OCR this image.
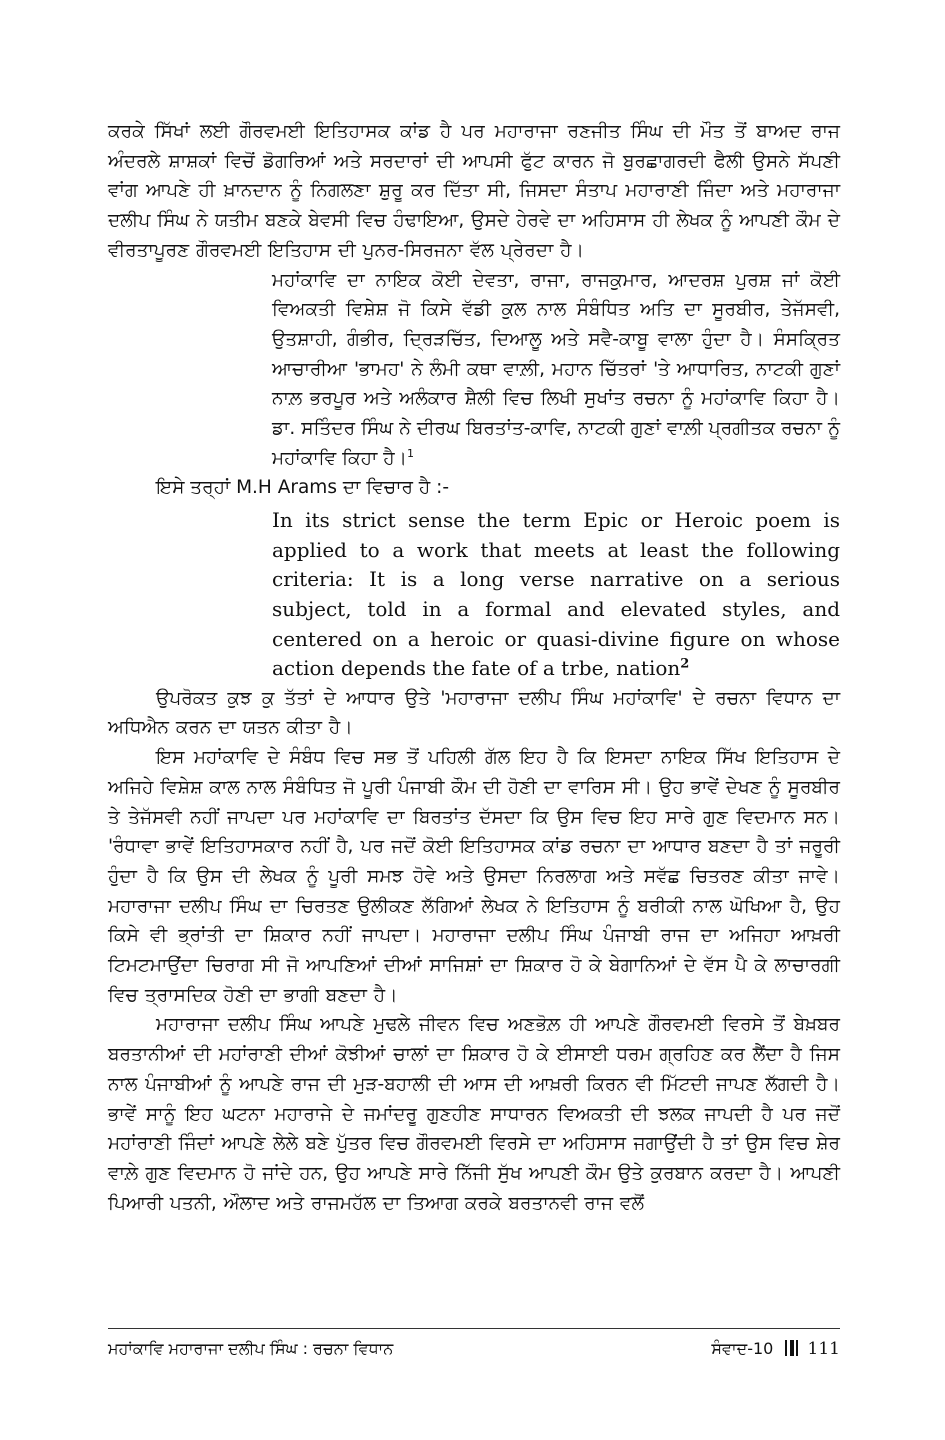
ਕਰਕੇ ਸਿੱਖਾਂ ਲਈ ਗੌਰਵਮਈ ਇਤਿਹਾਸਕ ਕਾਂਡ ਹੈ ਪਰ ਮਹਾਰਾਜਾ ਰਣਜੀਤ ਸਿੰਘ ਦੀ ਮੌਤ ਤੋਂ ਬਾਅਦ ਰਾਜ ਅੰਦਰਲੇ ਸ਼ਾਸ਼ਕਾਂ ਵਿਚੋਂ ਡੋਗਰਿਆਂ ਅਤੇ ਸਰਦਾਰਾਂ ਦੀ ਆਪਸੀ ਫੁੱਟ ਕਾਰਨ ਜੋ ਬੁਰਛਾਗਰਦੀ ਫੈਲੀ ਉਸਨੇ ਸੱਪਣੀ ਵਾਂਗ ਆਪਣੇ ਹੀ ਖ਼ਾਨਦਾਨ ਨੂੰ ਨਿਗਲਣਾ ਸ਼ੁਰੂ ਕਰ ਦਿੱਤਾ ਸੀ, ਜਿਸਦਾ ਸੰਤਾਪ ਮਹਾਰਾਣੀ ਜਿੰਦਾ ਅਤੇ ਮਹਾਰਾਜਾ ਦਲੀਪ ਸਿੰਘ ਨੇ ਯਤੀਮ ਬਣਕੇ ਬੇਵਸੀ ਵਿਚ ਹੰਢਾਇਆ, ਉਸਦੇ ਹੇਰਵੇ ਦਾ ਅਹਿਸਾਸ ਹੀ ਲੇਖਕ ਨੂੰ ਆਪਣੀ ਕੌਮ ਦੇ ਵੀਰਤਾਪੂਰਣ ਗੌਰਵਮਈ ਇਤਿਹਾਸ ਦੀ ਪੁਨਰ-ਸਿਰਜਨਾ ਵੱਲ ਪ੍ਰੇਰਦਾ ਹੈ।

ਮਹਾਂਕਾਵਿ ਦਾ ਨਾਇਕ ਕੋਈ ਦੇਵਤਾ, ਰਾਜਾ, ਰਾਜਕੁਮਾਰ, ਆਦਰਸ਼ ਪੁਰਸ਼ ਜਾਂ ਕੋਈ ਵਿਅਕਤੀ ਵਿਸ਼ੇਸ਼ ਜੋ ਕਿਸੇ ਵੱਡੀ ਕੁਲ ਨਾਲ ਸੰਬੰਧਿਤ ਅਤਿ ਦਾ ਸੂਰਬੀਰ, ਤੇਜੱਸਵੀ, ਉਤਸ਼ਾਹੀ, ਗੰਭੀਰ, ਦ੍ਰਿੜਚਿੱਤ, ਦਿਆਲੂ ਅਤੇ ਸਵੈ-ਕਾਬੂ ਵਾਲਾ ਹੁੰਦਾ ਹੈ। ਸੰਸਕ੍ਰਿਤ ਆਚਾਰੀਆ 'ਭਾਮਹ' ਨੇ ਲੰਮੀ ਕਥਾ ਵਾਲ਼ੀ, ਮਹਾਨ ਚਿੱਤਰਾਂ 'ਤੇ ਆਧਾਰਿਤ, ਨਾਟਕੀ ਗੁਣਾਂ ਨਾਲ਼ ਭਰਪੂਰ ਅਤੇ ਅਲੰਕਾਰ ਸ਼ੈਲੀ ਵਿਚ ਲਿਖੀ ਸੁਖਾਂਤ ਰਚਨਾ ਨੂੰ ਮਹਾਂਕਾਵਿ ਕਿਹਾ ਹੈ। ਡਾ. ਸਤਿੰਦਰ ਸਿੰਘ ਨੇ ਦੀਰਘ ਬਿਰਤਾਂਤ-ਕਾਵਿ, ਨਾਟਕੀ ਗੁਣਾਂ ਵਾਲ਼ੀ ਪ੍ਰਗੀਤਕ ਰਚਨਾ ਨੂੰ ਮਹਾਂਕਾਵਿ ਕਿਹਾ ਹੈ।$^1$

ਇਸੇ ਤਰ੍ਹਾਂ M.H Arams ਦਾ ਵਿਚਾਰ ਹੈ :-

In its strict sense the term Epic or Heroic poem is applied to a work that meets at least the following criteria: It is a long verse narrative on a serious subject, told in a formal and elevated styles, and centered on a heroic or quasi-divine figure on whose action depends the fate of a trbe, nation$^2$

ਉਪਰੋਕਤ ਕੁਝ ਕੁ ਤੱਤਾਂ ਦੇ ਆਧਾਰ ਉਤੇ 'ਮਹਾਰਾਜਾ ਦਲੀਪ ਸਿੰਘ ਮਹਾਂਕਾਵਿ' ਦੇ ਰਚਨਾ ਵਿਧਾਨ ਦਾ ਅਧਿਐਨ ਕਰਨ ਦਾ ਯਤਨ ਕੀਤਾ ਹੈ।

ਇਸ ਮਹਾਂਕਾਵਿ ਦੇ ਸੰਬੰਧ ਵਿਚ ਸਭ ਤੋਂ ਪਹਿਲੀ ਗੱਲ ਇਹ ਹੈ ਕਿ ਇਸਦਾ ਨਾਇਕ ਸਿੱਖ ਇਤਿਹਾਸ ਦੇ ਅਜਿਹੇ ਵਿਸ਼ੇਸ਼ ਕਾਲ ਨਾਲ ਸੰਬੰਧਿਤ ਜੋ ਪੂਰੀ ਪੰਜਾਬੀ ਕੌਮ ਦੀ ਹੋਣੀ ਦਾ ਵਾਰਿਸ ਸੀ। ਉਹ ਭਾਵੇਂ ਦੇਖਣ ਨੂੰ ਸੂਰਬੀਰ ਤੇ ਤੇਜੱਸਵੀ ਨਹੀਂ ਜਾਪਦਾ ਪਰ ਮਹਾਂਕਾਵਿ ਦਾ ਬਿਰਤਾਂਤ ਦੱਸਦਾ ਕਿ ਉਸ ਵਿਚ ਇਹ ਸਾਰੇ ਗੁਣ ਵਿਦਮਾਨ ਸਨ। 'ਰੰਧਾਵਾ ਭਾਵੇਂ ਇਤਿਹਾਸਕਾਰ ਨਹੀਂ ਹੈ, ਪਰ ਜਦੋਂ ਕੋਈ ਇਤਿਹਾਸਕ ਕਾਂਡ ਰਚਨਾ ਦਾ ਆਧਾਰ ਬਣਦਾ ਹੈ ਤਾਂ ਜਰੂਰੀ ਹੁੰਦਾ ਹੈ ਕਿ ਉਸ ਦੀ ਲੇਖਕ ਨੂੰ ਪੂਰੀ ਸਮਝ ਹੋਵੇ ਅਤੇ ਉਸਦਾ ਨਿਰਲਾਗ ਅਤੇ ਸਵੱਛ ਚਿਤਰਣ ਕੀਤਾ ਜਾਵੇ। ਮਹਾਰਾਜਾ ਦਲੀਪ ਸਿੰਘ ਦਾ ਚਿਰਤਣ ਉਲੀਕਣ ਲੱਗਿਆਂ ਲੇਖਕ ਨੇ ਇਤਿਹਾਸ ਨੂੰ ਬਰੀਕੀ ਨਾਲ ਘੋਖਿਆ ਹੈ, ਉਹ ਕਿਸੇ ਵੀ ਭ੍ਰਾਂਤੀ ਦਾ ਸ਼ਿਕਾਰ ਨਹੀਂ ਜਾਪਦਾ। ਮਹਾਰਾਜਾ ਦਲੀਪ ਸਿੰਘ ਪੰਜਾਬੀ ਰਾਜ ਦਾ ਅਜਿਹਾ ਆਖ਼ਰੀ ਟਿਮਟਮਾਉਂਦਾ ਚਿਰਾਗ ਸੀ ਜੋ ਆਪਣਿਆਂ ਦੀਆਂ ਸਾਜਿਸ਼ਾਂ ਦਾ ਸ਼ਿਕਾਰ ਹੋ ਕੇ ਬੇਗਾਨਿਆਂ ਦੇ ਵੱਸ ਪੈ ਕੇ ਲਾਚਾਰਗੀ ਵਿਚ ਤ੍ਰਾਸਦਿਕ ਹੋਣੀ ਦਾ ਭਾਗੀ ਬਣਦਾ ਹੈ।

ਮਹਾਰਾਜਾ ਦਲੀਪ ਸਿੰਘ ਆਪਣੇ ਮੁਢਲੇ ਜੀਵਨ ਵਿਚ ਅਣਭੋਲ਼ ਹੀ ਆਪਣੇ ਗੌਰਵਮਈ ਵਿਰਸੇ ਤੋਂ ਬੇਖ਼ਬਰ ਬਰਤਾਨੀਆਂ ਦੀ ਮਹਾਂਰਾਣੀ ਦੀਆਂ ਕੋਝੀਆਂ ਚਾਲਾਂ ਦਾ ਸ਼ਿਕਾਰ ਹੋ ਕੇ ਈਸਾਈ ਧਰਮ ਗ੍ਰਹਿਣ ਕਰ ਲੈਂਦਾ ਹੈ ਜਿਸ ਨਾਲ ਪੰਜਾਬੀਆਂ ਨੂੰ ਆਪਣੇ ਰਾਜ ਦੀ ਮੁੜ-ਬਹਾਲੀ ਦੀ ਆਸ ਦੀ ਆਖ਼ਰੀ ਕਿਰਨ ਵੀ ਮਿੱਟਦੀ ਜਾਪਣ ਲੱਗਦੀ ਹੈ। ਭਾਵੇਂ ਸਾਨੂੰ ਇਹ ਘਟਨਾ ਮਹਾਰਾਜੇ ਦੇ ਜਮਾਂਦਰੂ ਗੁਣਹੀਣ ਸਾਧਾਰਨ ਵਿਅਕਤੀ ਦੀ ਝਲਕ ਜਾਪਦੀ ਹੈ ਪਰ ਜਦੋਂ ਮਹਾਂਰਾਣੀ ਜਿੰਦਾਂ ਆਪਣੇ ਲੇਲੇ ਬਣੇ ਪੁੱਤਰ ਵਿਚ ਗੌਰਵਮਈ ਵਿਰਸੇ ਦਾ ਅਹਿਸਾਸ ਜਗਾਉਂਦੀ ਹੈ ਤਾਂ ਉਸ ਵਿਚ ਸ਼ੇਰ ਵਾਲ਼ੇ ਗੁਣ ਵਿਦਮਾਨ ਹੋ ਜਾਂਦੇ ਹਨ, ਉਹ ਆਪਣੇ ਸਾਰੇ ਨਿੱਜੀ ਸੁੱਖ ਆਪਣੀ ਕੌਮ ਉਤੇ ਕੁਰਬਾਨ ਕਰਦਾ ਹੈ। ਆਪਣੀ ਪਿਆਰੀ ਪਤਨੀ, ਔਲਾਦ ਅਤੇ ਰਾਜਮਹੱਲ ਦਾ ਤਿਆਗ ਕਰਕੇ ਬਰਤਾਨਵੀ ਰਾਜ ਵਲੋਂ

ਮਹਾਂਕਾਵਿ ਮਹਾਰਾਜਾ ਦਲੀਪ ਸਿੰਘ : ਰਚਨਾ ਵਿਧਾਨ	ਸੰਵਾਦ-10 111
